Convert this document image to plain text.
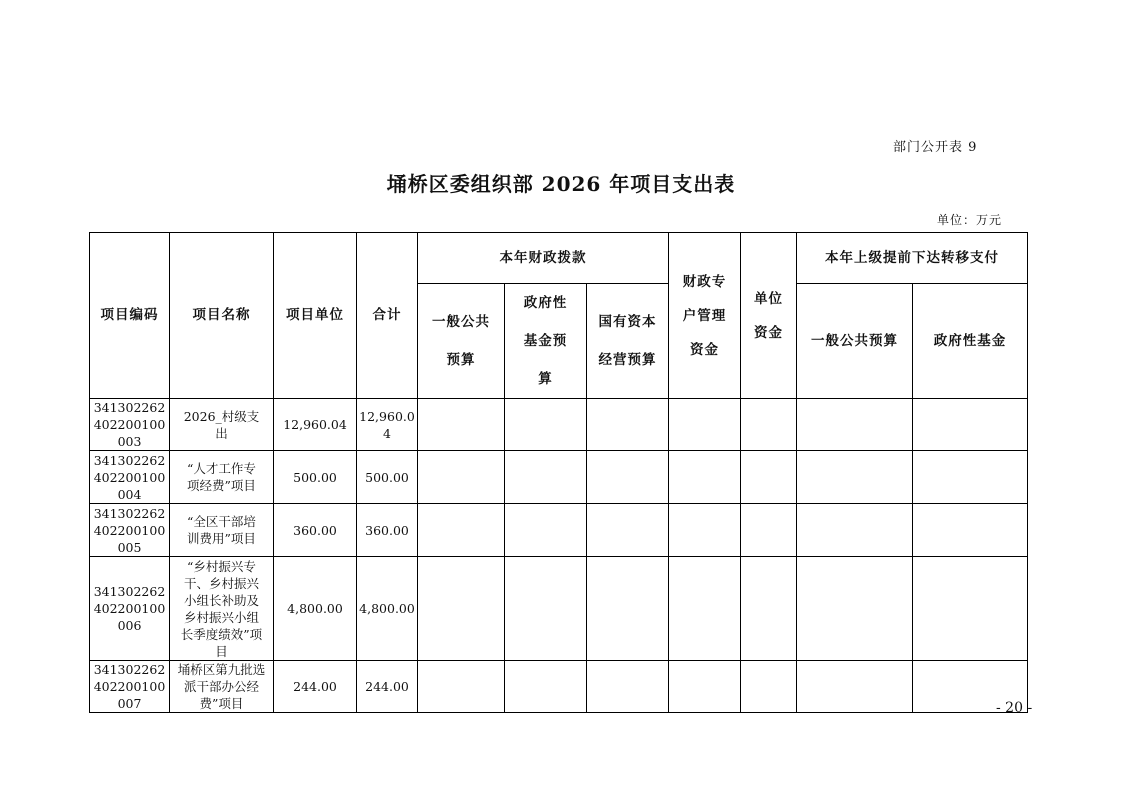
部门公开表 9
埇桥区委组织部 2026 年项目支出表
单位：万元
项目编码	项目名称	项目单位	合计	本年财政拨款			财政专户管理资金	单位资金	本年上级提前下达转移支付	
				一般公共预算	政府性基金预算	国有资本经营预算			一般公共预算	政府性基金
341302262402200100003	2026_村级支出	12,960.04	12,960.04							
341302262402200100004	“人才工作专项经费”项目	500.00	500.00							
341302262402200100005	“全区干部培训费用”项目	360.00	360.00							
341302262402200100006	“乡村振兴专干、乡村振兴小组长补助及乡村振兴小组长季度绩效”项目	4,800.00	4,800.00							
341302262402200100007	埇桥区第九批选派干部办公经费”项目	244.00	244.00							
- 20 -
